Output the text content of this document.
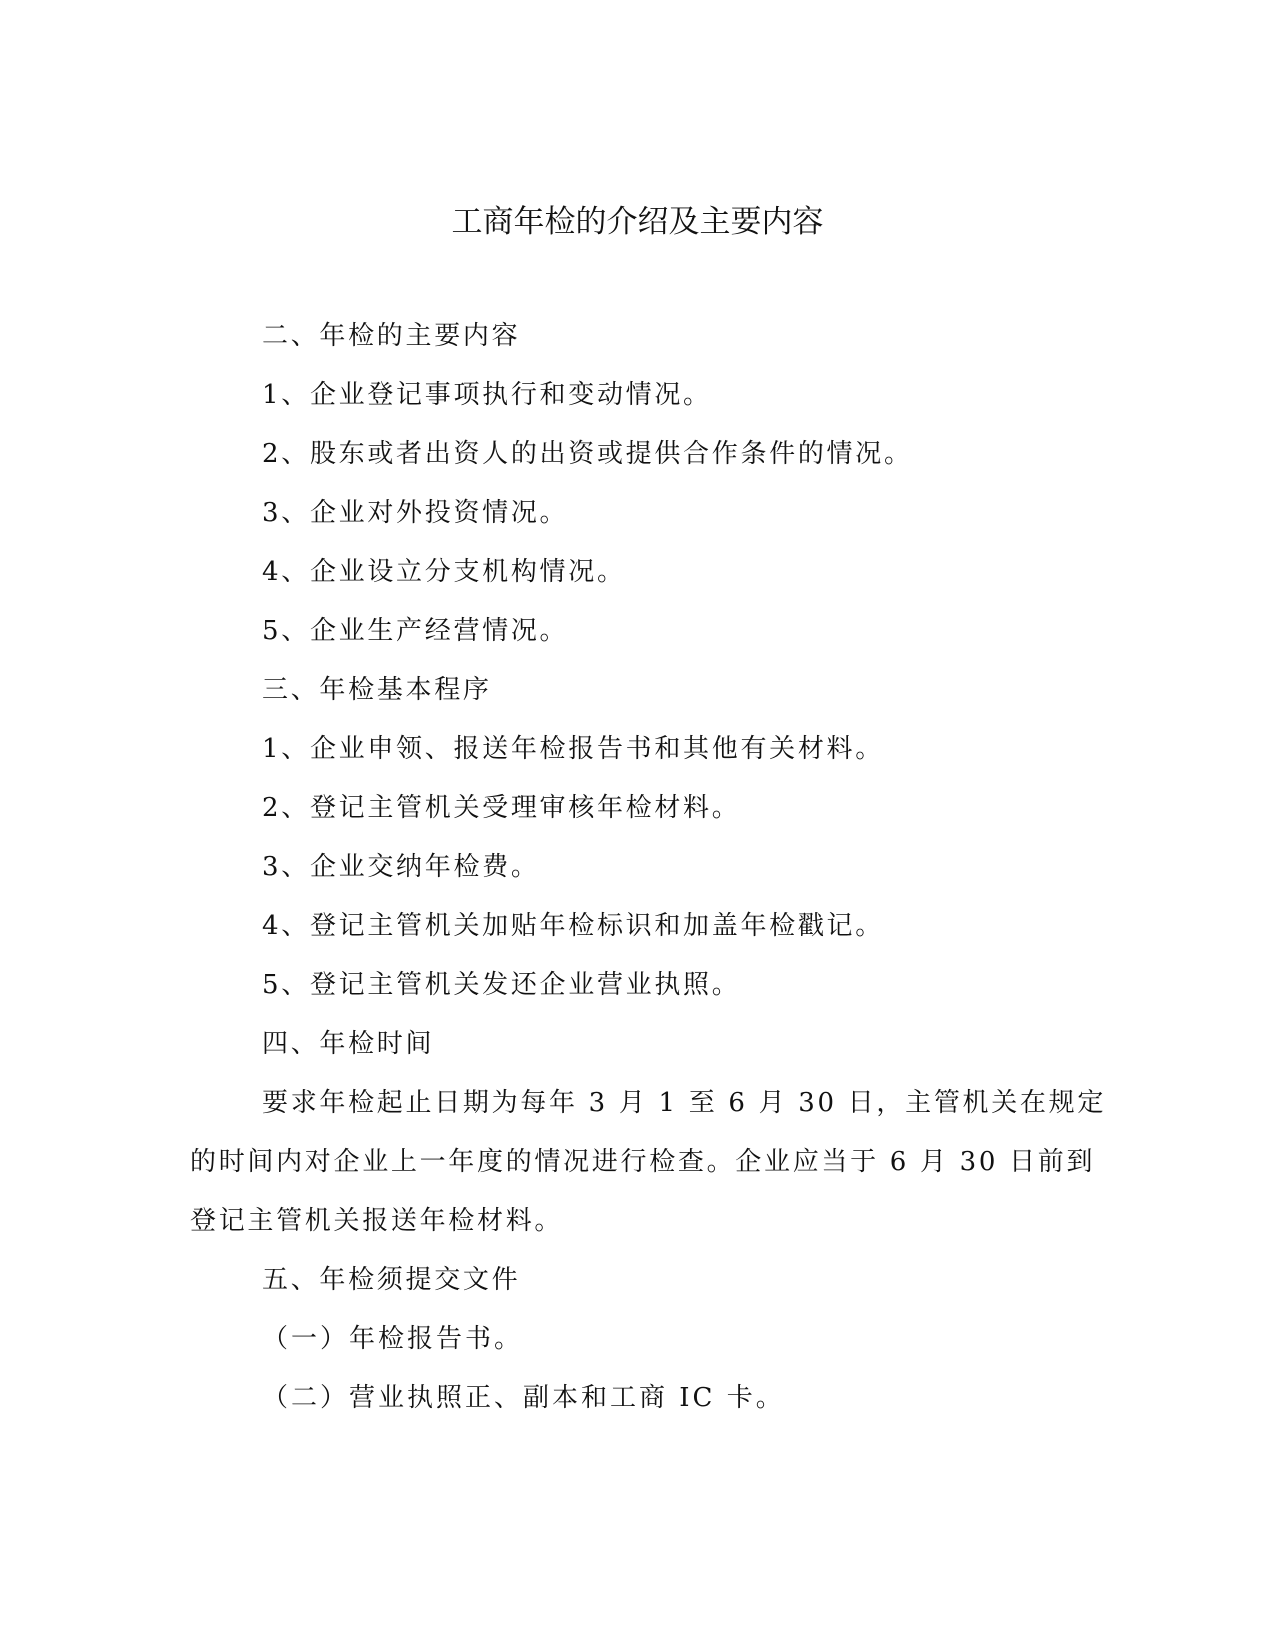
工商年检的介绍及主要内容

二、年检的主要内容

1、企业登记事项执行和变动情况。

2、股东或者出资人的出资或提供合作条件的情况。

3、企业对外投资情况。

4、企业设立分支机构情况。

5、企业生产经营情况。

三、年检基本程序

1、企业申领、报送年检报告书和其他有关材料。

2、登记主管机关受理审核年检材料。

3、企业交纳年检费。

4、登记主管机关加贴年检标识和加盖年检戳记。

5、登记主管机关发还企业营业执照。

四、年检时间

要求年检起止日期为每年 3 月 1 至 6 月 30 日，主管机关在规定

的时间内对企业上一年度的情况进行检查。企业应当于 6 月 30 日前到

登记主管机关报送年检材料。

五、年检须提交文件

（一）年检报告书。

（二）营业执照正、副本和工商 IC 卡。
